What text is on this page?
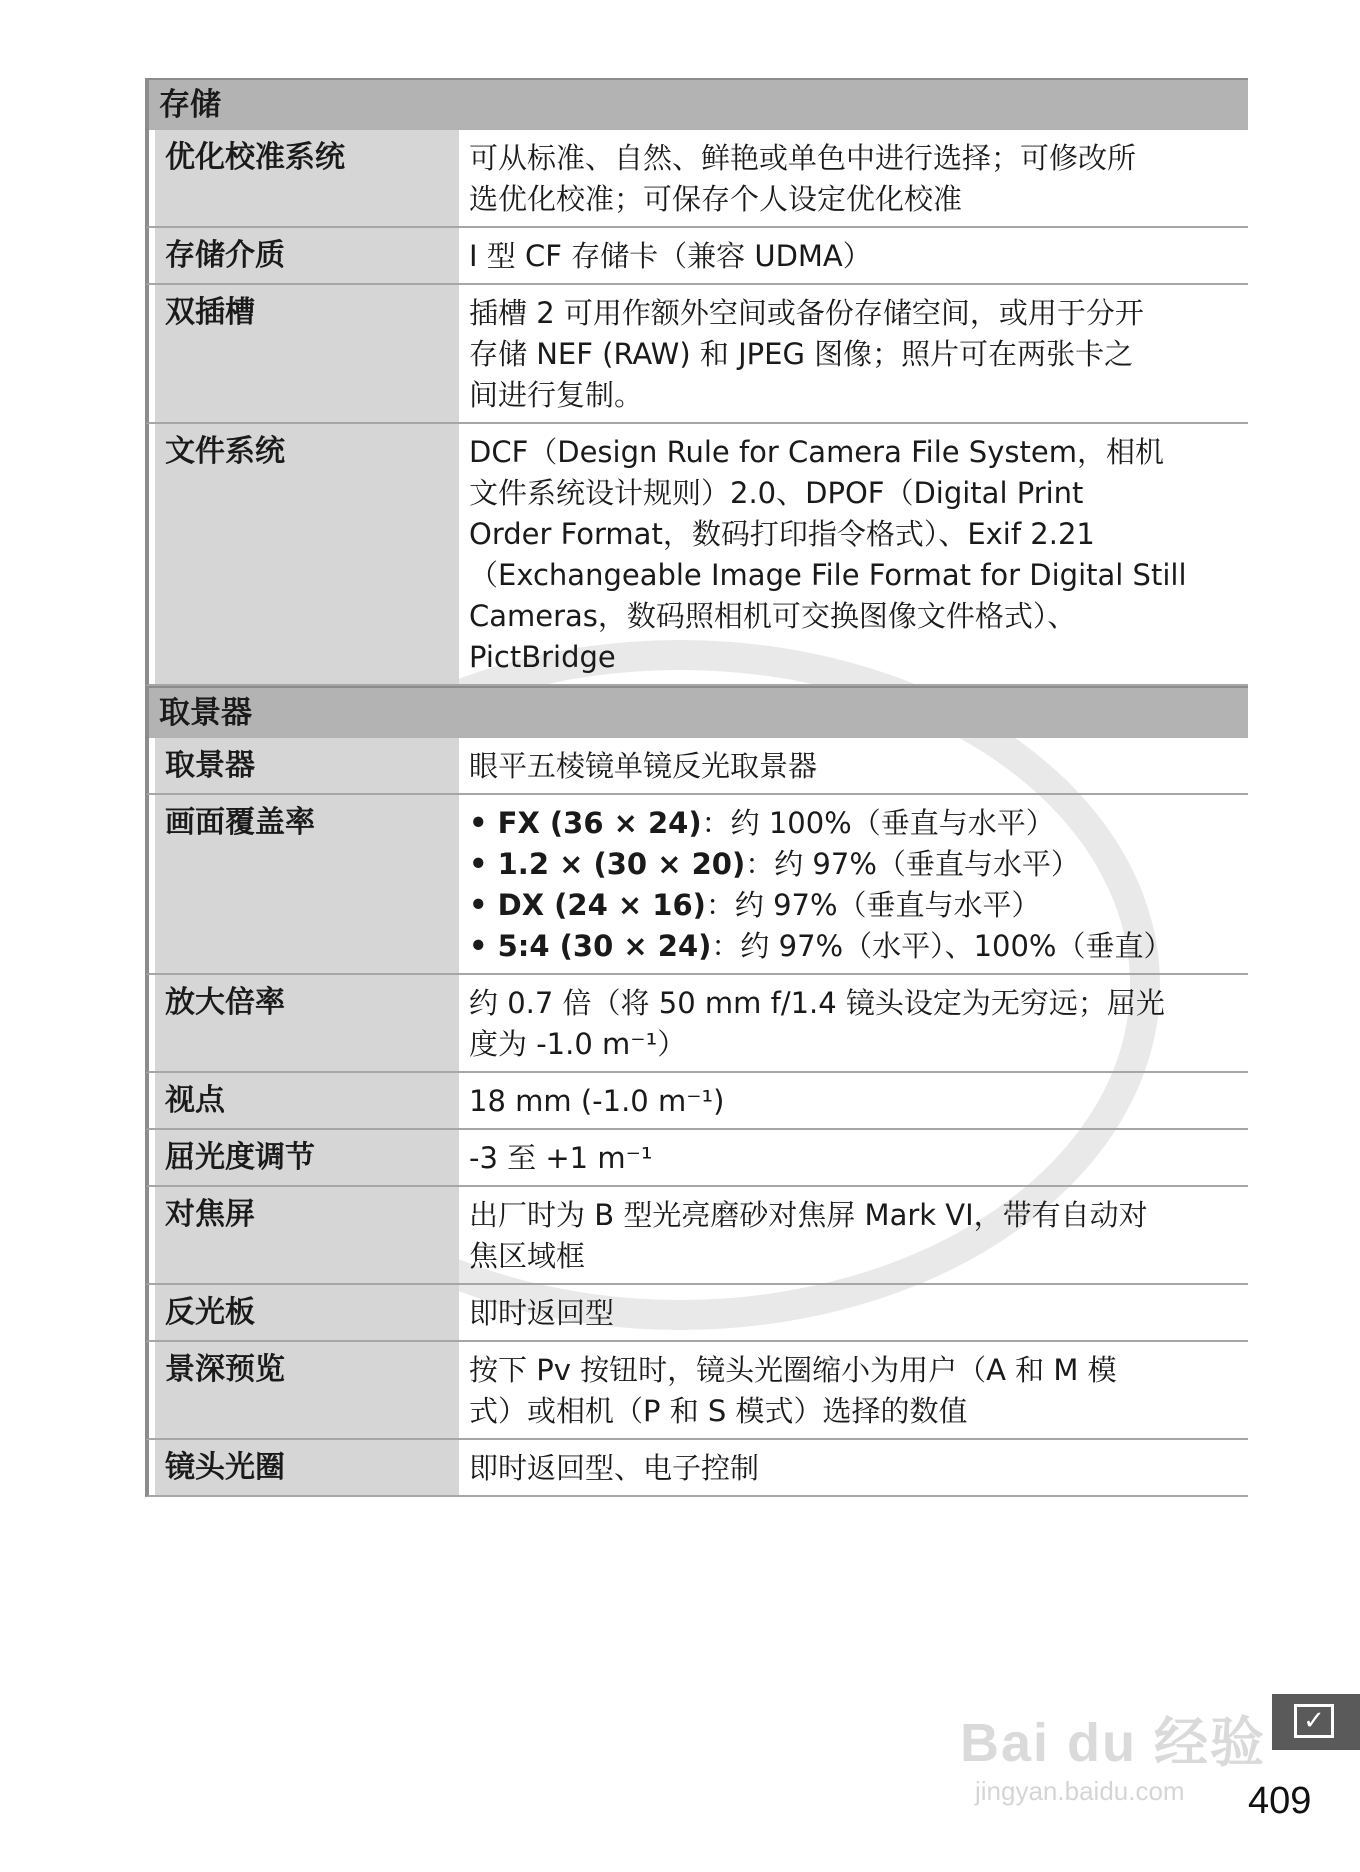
存储
优化校准系统	可从标准、自然、鲜艳或单色中进行选择；可修改所
选优化校准；可保存个人设定优化校准
存储介质	I 型 CF 存储卡（兼容 UDMA）
双插槽	插槽 2 可用作额外空间或备份存储空间，或用于分开
存储 NEF (RAW) 和 JPEG 图像；照片可在两张卡之
间进行复制。
文件系统	DCF（Design Rule for Camera File System，相机
文件系统设计规则）2.0、DPOF（Digital Print
Order Format，数码打印指令格式）、Exif 2.21
（Exchangeable Image File Format for Digital Still
Cameras，数码照相机可交换图像文件格式）、
PictBridge
取景器
取景器	眼平五棱镜单镜反光取景器
画面覆盖率	• FX (36 × 24)：约 100%（垂直与水平）
• 1.2 × (30 × 20)：约 97%（垂直与水平）
• DX (24 × 16)：约 97%（垂直与水平）
• 5:4 (30 × 24)：约 97%（水平）、100%（垂直）
放大倍率	约 0.7 倍（将 50 mm f/1.4 镜头设定为无穷远；屈光
度为 -1.0 m⁻¹）
视点	18 mm (-1.0 m⁻¹)
屈光度调节	-3 至 +1 m⁻¹
对焦屏	出厂时为 B 型光亮磨砂对焦屏 Mark VI，带有自动对
焦区域框
反光板	即时返回型
景深预览	按下 Pv 按钮时，镜头光圈缩小为用户（A 和 M 模
式）或相机（P 和 S 模式）选择的数值
镜头光圈	即时返回型、电子控制
Bai du 经验
jingyan.baidu.com
✓
409
